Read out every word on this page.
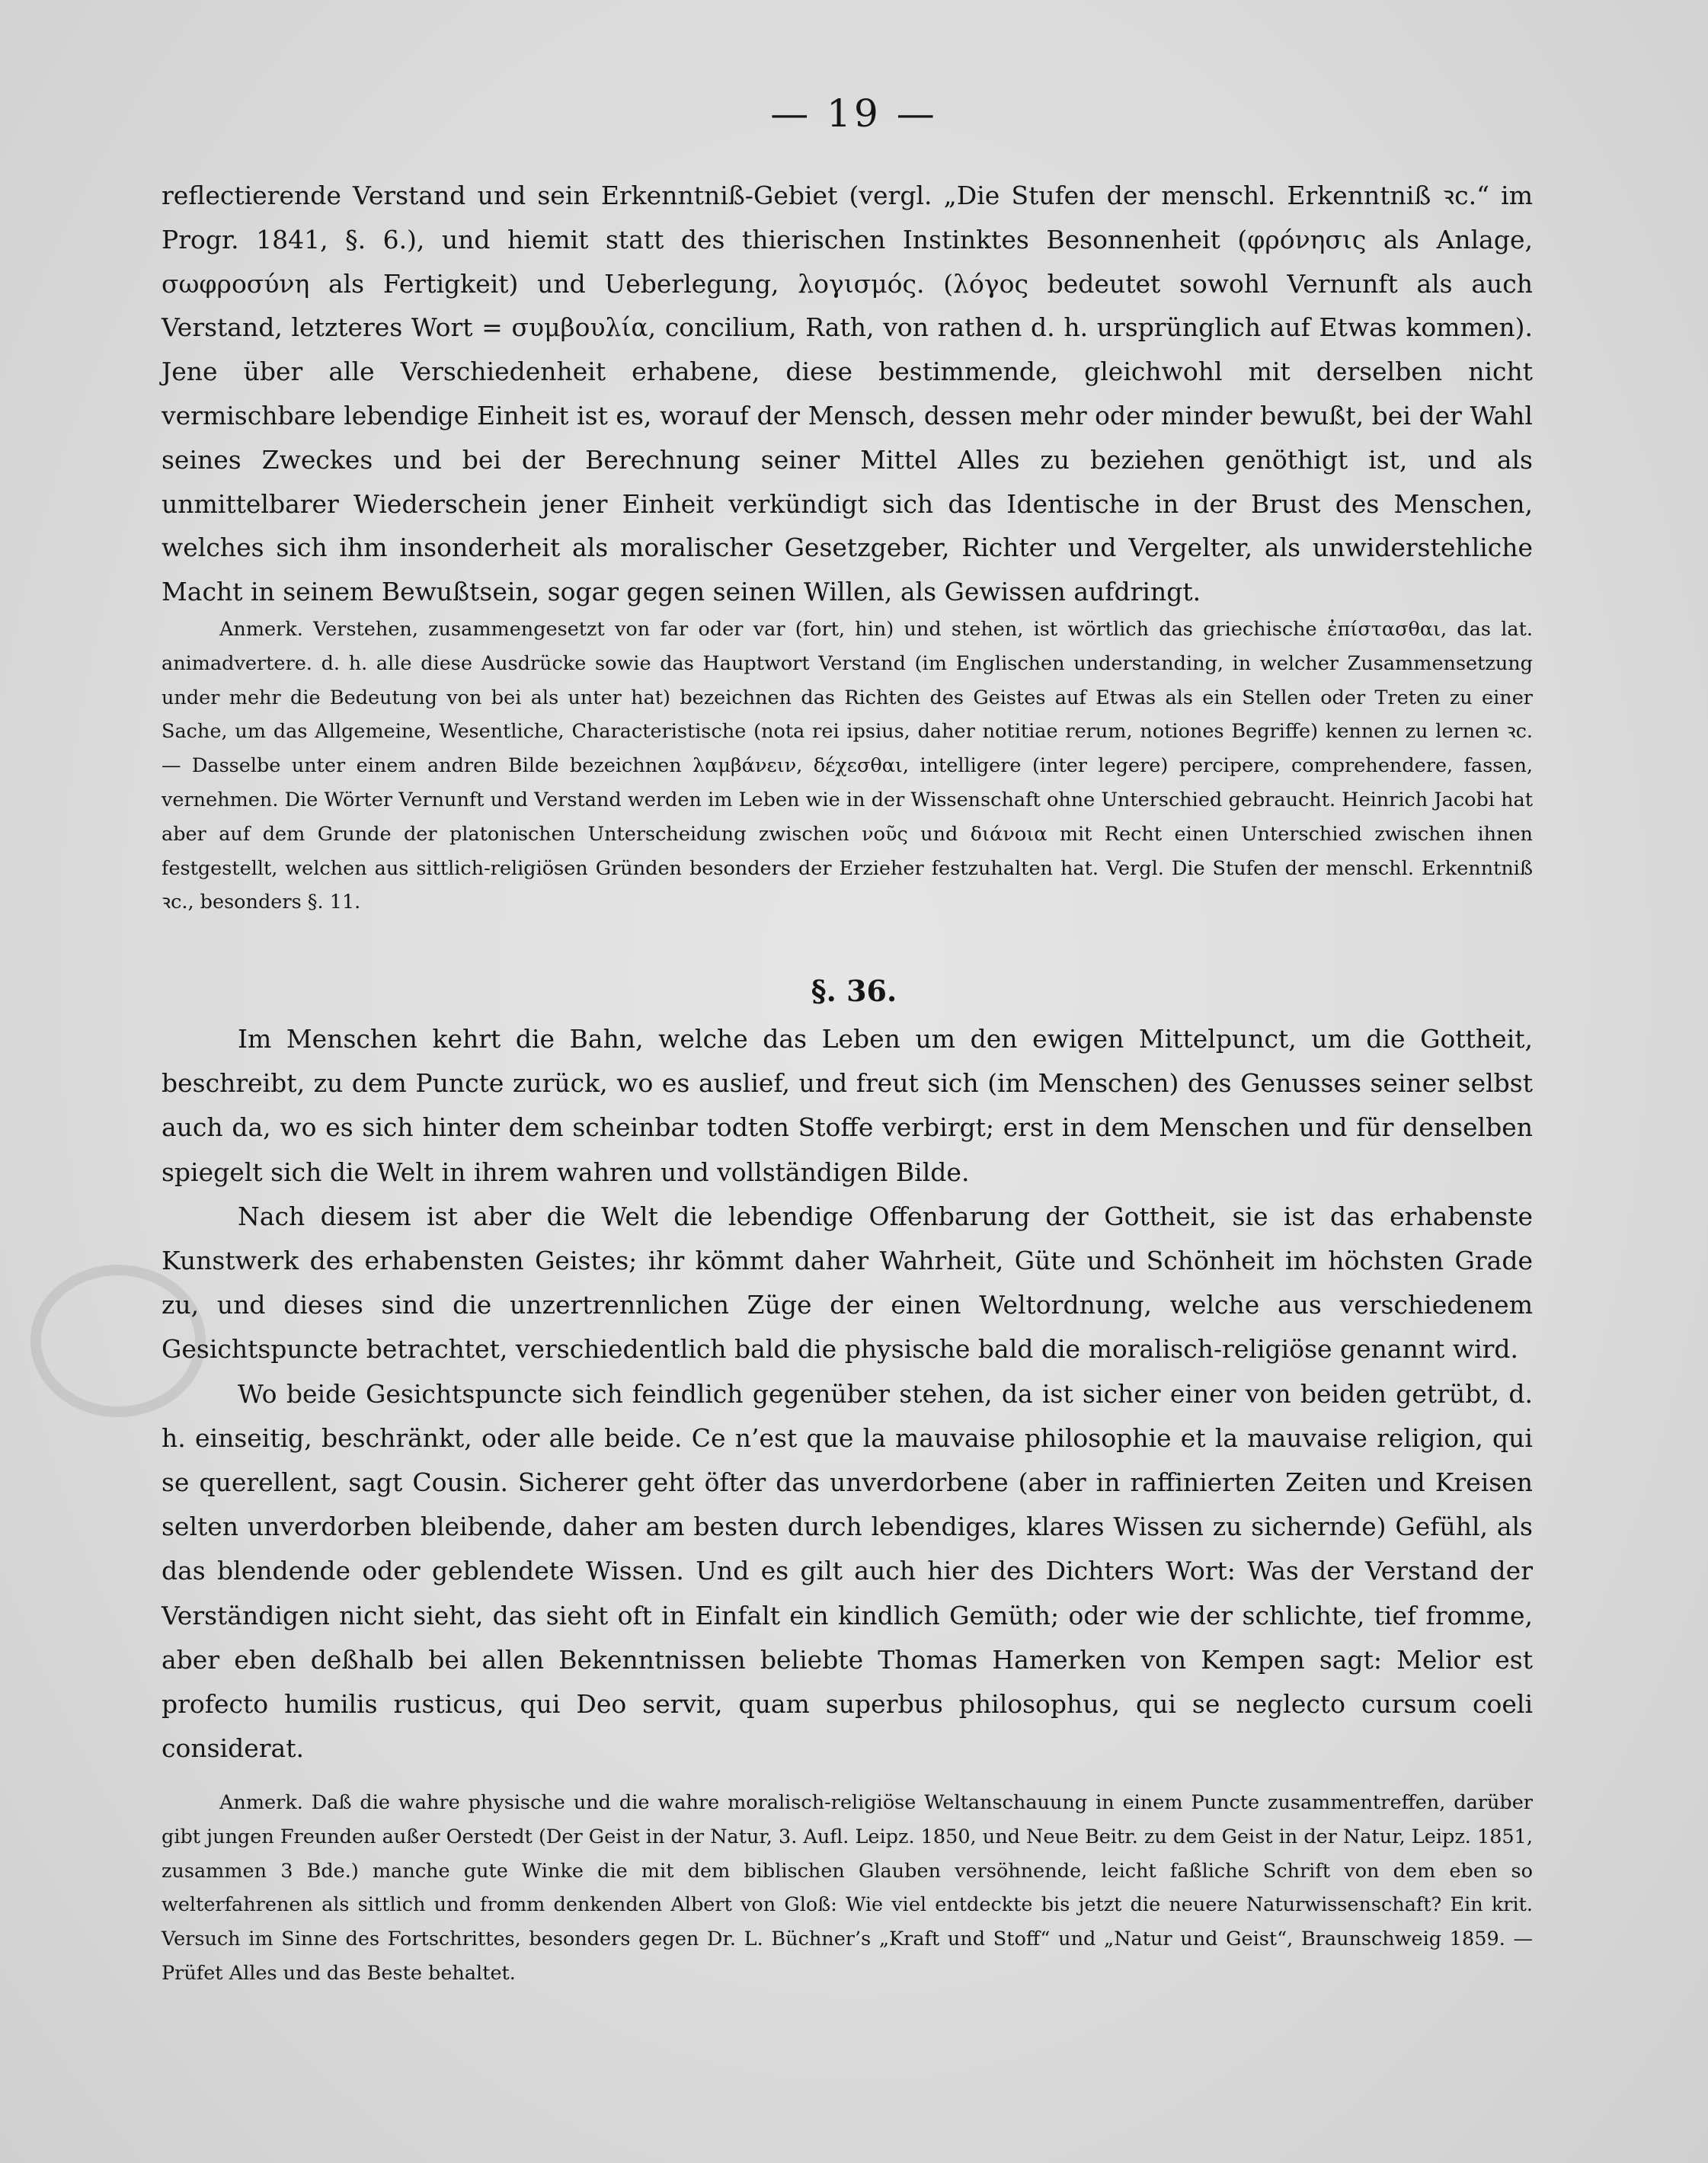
— 19 —

reflectierende Verstand und sein Erkenntniß-Gebiet (vergl. „Die Stufen der menschl. Erkenntniß ꝛc.“ im Progr. 1841, §. 6.), und hiemit statt des thierischen Instinktes Besonnenheit (φρόνησις als Anlage, σωφροσύνη als Fertigkeit) und Ueberlegung, λογισμός. (λόγος bedeutet sowohl Vernunft als auch Verstand, letzteres Wort = συμβουλία, concilium, Rath, von rathen d. h. ursprünglich auf Etwas kommen). Jene über alle Verschiedenheit erhabene, diese bestimmende, gleichwohl mit derselben nicht vermischbare lebendige Einheit ist es, worauf der Mensch, dessen mehr oder minder bewußt, bei der Wahl seines Zweckes und bei der Berechnung seiner Mittel Alles zu beziehen genöthigt ist, und als unmittelbarer Wiederschein jener Einheit verkündigt sich das Identische in der Brust des Menschen, welches sich ihm insonderheit als moralischer Gesetzgeber, Richter und Vergelter, als unwiderstehliche Macht in seinem Bewußtsein, sogar gegen seinen Willen, als Gewissen aufdringt.

Anmerk. Verstehen, zusammengesetzt von far oder var (fort, hin) und stehen, ist wörtlich das griechische ἐπίστασθαι, das lat. animadvertere. d. h. alle diese Ausdrücke sowie das Hauptwort Verstand (im Englischen understanding, in welcher Zusammensetzung under mehr die Bedeutung von bei als unter hat) bezeichnen das Richten des Geistes auf Etwas als ein Stellen oder Treten zu einer Sache, um das Allgemeine, Wesentliche, Characteristische (nota rei ipsius, daher notitiae rerum, notiones Begriffe) kennen zu lernen ꝛc. — Dasselbe unter einem andren Bilde bezeichnen λαμβάνειν, δέχεσθαι, intelligere (inter legere) percipere, comprehendere, fassen, vernehmen. Die Wörter Vernunft und Verstand werden im Leben wie in der Wissenschaft ohne Unterschied gebraucht. Heinrich Jacobi hat aber auf dem Grunde der platonischen Unterscheidung zwischen νοῦς und διάνοια mit Recht einen Unterschied zwischen ihnen festgestellt, welchen aus sittlich-religiösen Gründen besonders der Erzieher festzuhalten hat. Vergl. Die Stufen der menschl. Erkenntniß ꝛc., besonders §. 11.
§. 36.

Im Menschen kehrt die Bahn, welche das Leben um den ewigen Mittelpunct, um die Gottheit, beschreibt, zu dem Puncte zurück, wo es auslief, und freut sich (im Menschen) des Genusses seiner selbst auch da, wo es sich hinter dem scheinbar todten Stoffe verbirgt; erst in dem Menschen und für denselben spiegelt sich die Welt in ihrem wahren und vollständigen Bilde.

Nach diesem ist aber die Welt die lebendige Offenbarung der Gottheit, sie ist das erhabenste Kunstwerk des erhabensten Geistes; ihr kömmt daher Wahrheit, Güte und Schönheit im höchsten Grade zu, und dieses sind die unzertrennlichen Züge der einen Weltordnung, welche aus verschiedenem Gesichtspuncte betrachtet, verschiedentlich bald die physische bald die moralisch-religiöse genannt wird.

Wo beide Gesichtspuncte sich feindlich gegenüber stehen, da ist sicher einer von beiden getrübt, d. h. einseitig, beschränkt, oder alle beide. Ce n’est que la mauvaise philosophie et la mauvaise religion, qui se querellent, sagt Cousin. Sicherer geht öfter das unverdorbene (aber in raffinierten Zeiten und Kreisen selten unverdorben bleibende, daher am besten durch lebendiges, klares Wissen zu sichernde) Gefühl, als das blendende oder geblendete Wissen. Und es gilt auch hier des Dichters Wort: Was der Verstand der Verständigen nicht sieht, das sieht oft in Einfalt ein kindlich Gemüth; oder wie der schlichte, tief fromme, aber eben deßhalb bei allen Bekenntnissen beliebte Thomas Hamerken von Kempen sagt: Melior est profecto humilis rusticus, qui Deo servit, quam superbus philosophus, qui se neglecto cursum coeli considerat.

Anmerk. Daß die wahre physische und die wahre moralisch-religiöse Weltanschauung in einem Puncte zusammentreffen, darüber gibt jungen Freunden außer Oerstedt (Der Geist in der Natur, 3. Aufl. Leipz. 1850, und Neue Beitr. zu dem Geist in der Natur, Leipz. 1851, zusammen 3 Bde.) manche gute Winke die mit dem biblischen Glauben versöhnende, leicht faßliche Schrift von dem eben so welterfahrenen als sittlich und fromm denkenden Albert von Gloß: Wie viel entdeckte bis jetzt die neuere Naturwissenschaft? Ein krit. Versuch im Sinne des Fortschrittes, besonders gegen Dr. L. Büchner’s „Kraft und Stoff“ und „Natur und Geist“, Braunschweig 1859. — Prüfet Alles und das Beste behaltet.
